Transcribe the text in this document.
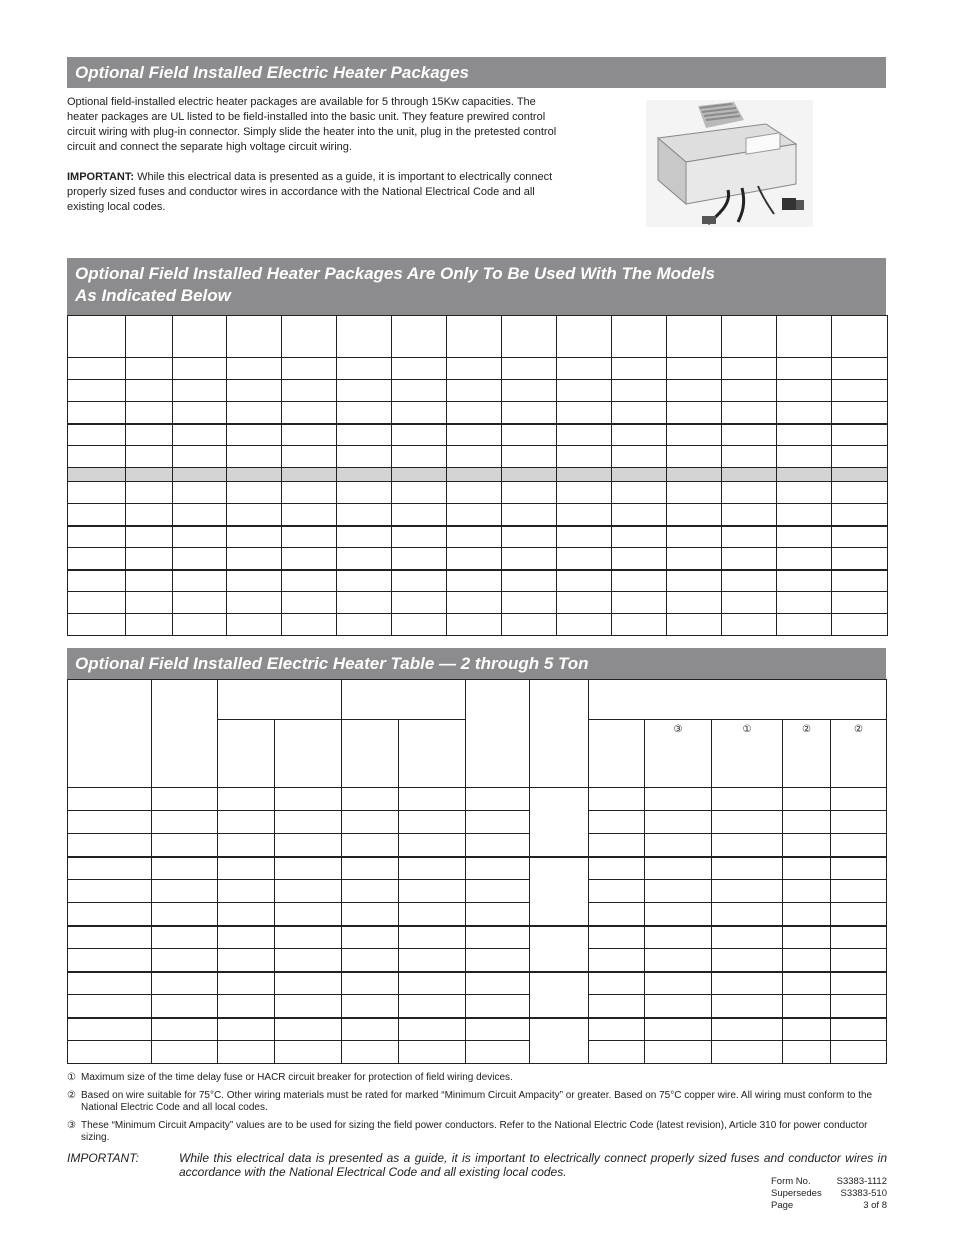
Optional Field Installed Electric Heater Packages
Optional field-installed electric heater packages are available for 5 through 15Kw capacities. The heater packages are UL listed to be field-installed into the basic unit. They feature prewired control circuit wiring with plug-in connector. Simply slide the heater into the unit, plug in the pretested control circuit and connect the separate high voltage circuit wiring.
IMPORTANT: While this electrical data is presented as a guide, it is important to electrically connect properly sized fuses and conductor wires in accordance with the National Electrical Code and all existing local codes.
Optional Field Installed Heater Packages Are Only To Be Used With The Models
As Indicated Below

Optional Field Installed Electric Heater Table — 2 through 5 Ton

									③	①	②	②

① Maximum size of the time delay fuse or HACR circuit breaker for protection of field wiring devices.
② Based on wire suitable for 75°C. Other wiring materials must be rated for marked “Minimum Circuit Ampacity” or greater. Based on 75°C copper wire. All wiring must conform to the National Electric Code and all local codes.
③ These “Minimum Circuit Ampacity” values are to be used for sizing the field power conductors. Refer to the National Electric Code (latest revision), Article 310 for power conductor sizing.
IMPORTANT:	While this electrical data is presented as a guide, it is important to electrically connect properly sized fuses and conductor wires in accordance with the National Electrical Code and all existing local codes.
Form No.	S3383-1112
Supersedes S3383-510
Page	3 of 8
